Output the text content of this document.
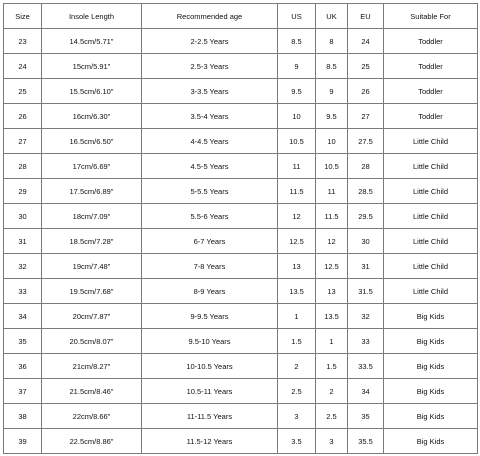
Size	Insole Length	Recommended age	US	UK	EU	Suitable For
23	14.5cm/5.71"	2-2.5 Years	8.5	8	24	Toddler
24	15cm/5.91"	2.5-3 Years	9	8.5	25	Toddler
25	15.5cm/6.10"	3-3.5 Years	9.5	9	26	Toddler
26	16cm/6.30"	3.5-4 Years	10	9.5	27	Toddler
27	16.5cm/6.50"	4-4.5 Years	10.5	10	27.5	Little Child
28	17cm/6.69"	4.5-5 Years	11	10.5	28	Little Child
29	17.5cm/6.89"	5-5.5 Years	11.5	11	28.5	Little Child
30	18cm/7.09"	5.5-6 Years	12	11.5	29.5	Little Child
31	18.5cm/7.28"	6-7 Years	12.5	12	30	Little Child
32	19cm/7.48"	7-8 Years	13	12.5	31	Little Child
33	19.5cm/7.68"	8-9 Years	13.5	13	31.5	Little Child
34	20cm/7.87"	9-9.5 Years	1	13.5	32	Big Kids
35	20.5cm/8.07"	9.5-10 Years	1.5	1	33	Big Kids
36	21cm/8.27"	10-10.5 Years	2	1.5	33.5	Big Kids
37	21.5cm/8.46"	10.5-11 Years	2.5	2	34	Big Kids
38	22cm/8.66"	11-11.5 Years	3	2.5	35	Big Kids
39	22.5cm/8.86"	11.5-12 Years	3.5	3	35.5	Big Kids
